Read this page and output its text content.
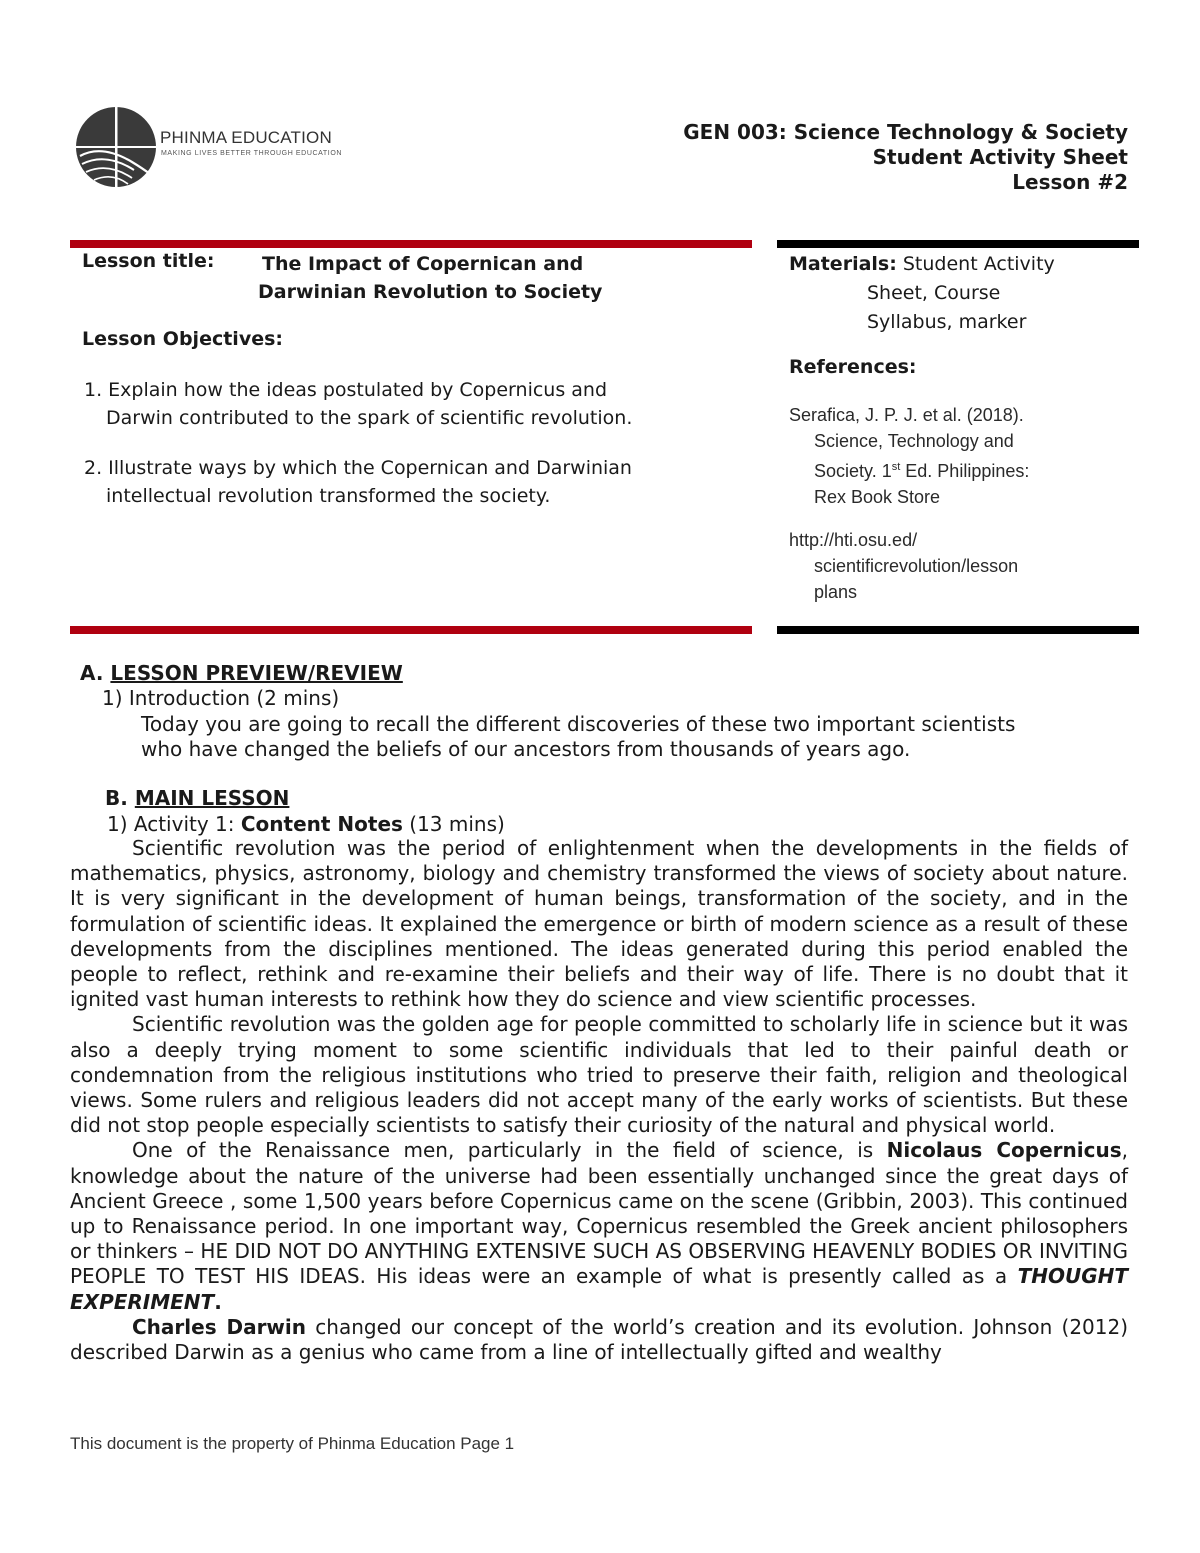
PHINMA EDUCATION
MAKING LIVES BETTER THROUGH EDUCATION
GEN 003: Science Technology & Society
Student Activity Sheet
Lesson #2
Lesson title:	The Impact of Copernican and
Darwinian Revolution to Society
Lesson Objectives:
1. Explain how the ideas postulated by Copernicus and
Darwin contributed to the spark of scientific revolution.
2. Illustrate ways by which the Copernican and Darwinian
intellectual revolution transformed the society.
Materials: Student Activity
Sheet, Course
Syllabus, marker
References:
Serafica, J. P. J. et al. (2018).
Science, Technology and
Society. 1st Ed. Philippines:
Rex Book Store
http://hti.osu.ed/
scientificrevolution/lesson
plans
A. LESSON PREVIEW/REVIEW
1) Introduction (2 mins)
Today you are going to recall the different discoveries of these two important scientists
who have changed the beliefs of our ancestors from thousands of years ago.
B. MAIN LESSON
1) Activity 1: Content Notes (13 mins)

Scientific revolution was the period of enlightenment when the developments in the fields of mathematics, physics, astronomy, biology and chemistry transformed the views of society about nature. It is very significant in the development of human beings, transformation of the society, and in the formulation of scientific ideas. It explained the emergence or birth of modern science as a result of these developments from the disciplines mentioned. The ideas generated during this period enabled the people to reflect, rethink and re-examine their beliefs and their way of life. There is no doubt that it ignited vast human interests to rethink how they do science and view scientific processes.

Scientific revolution was the golden age for people committed to scholarly life in science but it was also a deeply trying moment to some scientific individuals that led to their painful death or condemnation from the religious institutions who tried to preserve their faith, religion and theological views. Some rulers and religious leaders did not accept many of the early works of scientists. But these did not stop people especially scientists to satisfy their curiosity of the natural and physical world.

One of the Renaissance men, particularly in the field of science, is Nicolaus Copernicus, knowledge about the nature of the universe had been essentially unchanged since the great days of Ancient Greece , some 1,500 years before Copernicus came on the scene (Gribbin, 2003). This continued up to Renaissance period. In one important way, Copernicus resembled the Greek ancient philosophers or thinkers – HE DID NOT DO ANYTHING EXTENSIVE SUCH AS OBSERVING HEAVENLY BODIES OR INVITING PEOPLE TO TEST HIS IDEAS. His ideas were an example of what is presently called as a THOUGHT EXPERIMENT.

Charles Darwin changed our concept of the world’s creation and its evolution. Johnson (2012) described Darwin as a genius who came from a line of intellectually gifted and wealthy

This document is the property of Phinma Education Page 1
